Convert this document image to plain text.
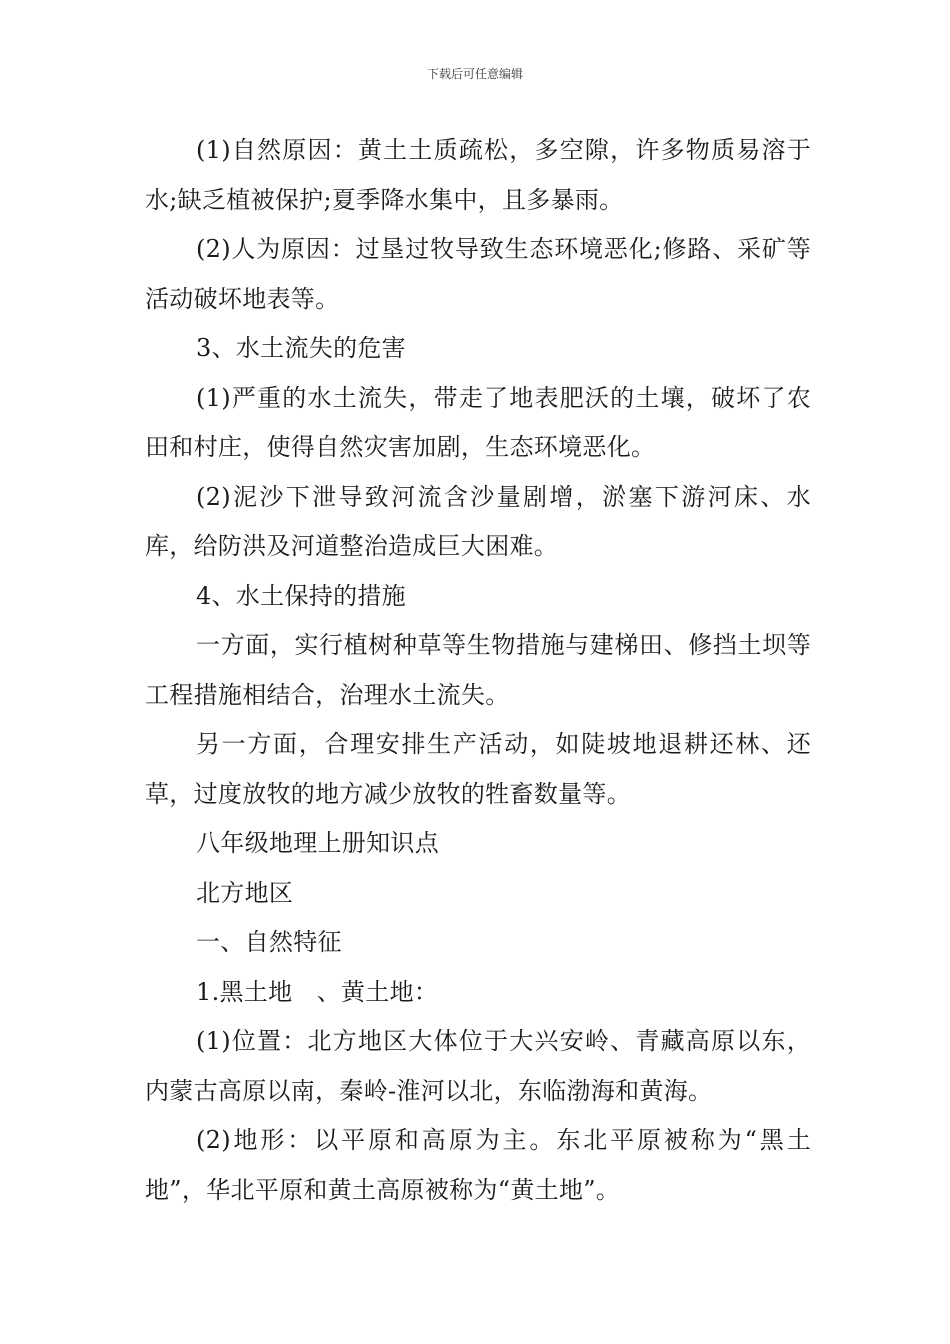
下载后可任意编辑

(1)自然原因：黄土土质疏松，多空隙，许多物质易溶于水;缺乏植被保护;夏季降水集中，且多暴雨。

(2)人为原因：过垦过牧导致生态环境恶化;修路、采矿等活动破坏地表等。

3、水土流失的危害

(1)严重的水土流失，带走了地表肥沃的土壤，破坏了农田和村庄，使得自然灾害加剧，生态环境恶化。

(2)泥沙下泄导致河流含沙量剧增，淤塞下游河床、水库，给防洪及河道整治造成巨大困难。

4、水土保持的措施

一方面，实行植树种草等生物措施与建梯田、修挡土坝等工程措施相结合，治理水土流失。

另一方面，合理安排生产活动，如陡坡地退耕还林、还草，过度放牧的地方减少放牧的牲畜数量等。

八年级地理上册知识点

北方地区

一、自然特征

1.黑土地　、黄土地：

(1)位置：北方地区大体位于大兴安岭、青藏高原以东，内蒙古高原以南，秦岭-淮河以北，东临渤海和黄海。

(2)地形：以平原和高原为主。东北平原被称为“黑土地”，华北平原和黄土高原被称为“黄土地”。
